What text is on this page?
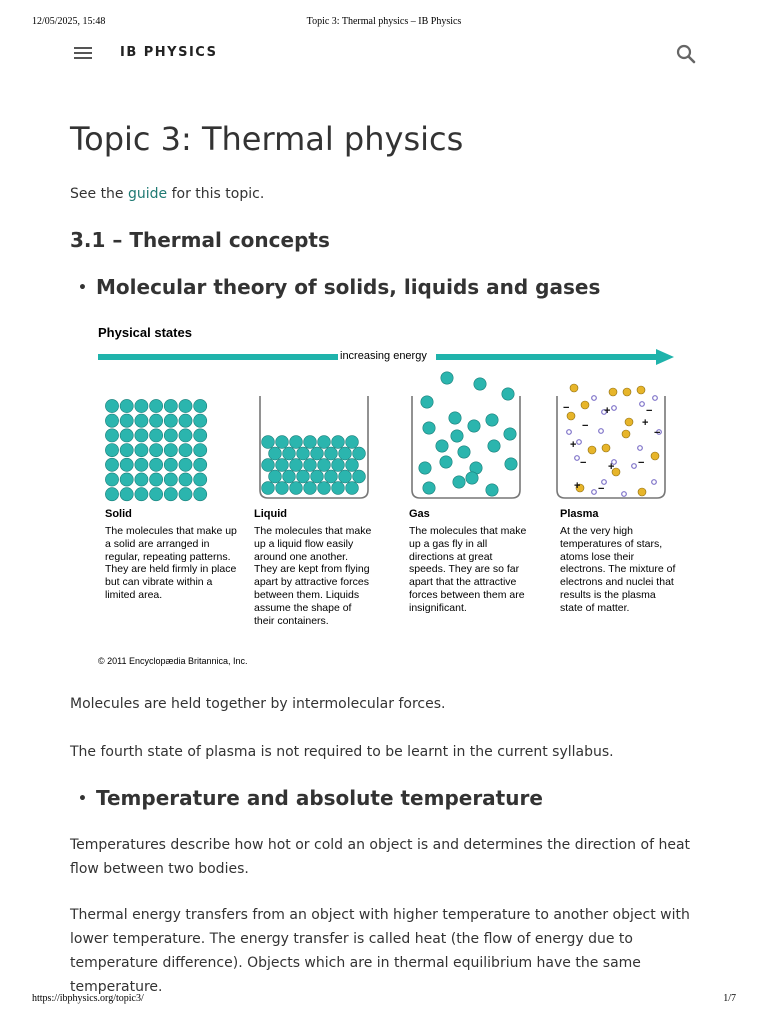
12/05/2025, 15:48	Topic 3: Thermal physics – IB Physics
IB PHYSICS
Topic 3: Thermal physics

See the guide for this topic.

3.1 – Thermal concepts
• Molecular theory of solids, liquids and gases
Physical states
−	+	−
+
− + −
+ −
−
+
−
increasing energy
Solid
The molecules that make up a solid are arranged in regular, repeating patterns. They are held firmly in place but can vibrate within a limited area.
Liquid
The molecules that make up a liquid flow easily around one another. They are kept from flying apart by attractive forces between them. Liquids assume the shape of their containers.
Gas
The molecules that make up a gas fly in all directions at great speeds. They are so far apart that the attractive forces between them are insignificant.
Plasma
At the very high temperatures of stars, atoms lose their electrons. The mixture of electrons and nuclei that results is the plasma state of matter.
© 2011 Encyclopædia Britannica, Inc.

Molecules are held together by intermolecular forces.

The fourth state of plasma is not required to be learnt in the current syllabus.

• Temperature and absolute temperature

Temperatures describe how hot or cold an object is and determines the direction of heat flow between two bodies.

Thermal energy transfers from an object with higher temperature to another object with lower temperature. The energy transfer is called heat (the flow of energy due to temperature difference). Objects which are in thermal equilibrium have the same temperature.

https://ibphysics.org/topic3/	1/7
